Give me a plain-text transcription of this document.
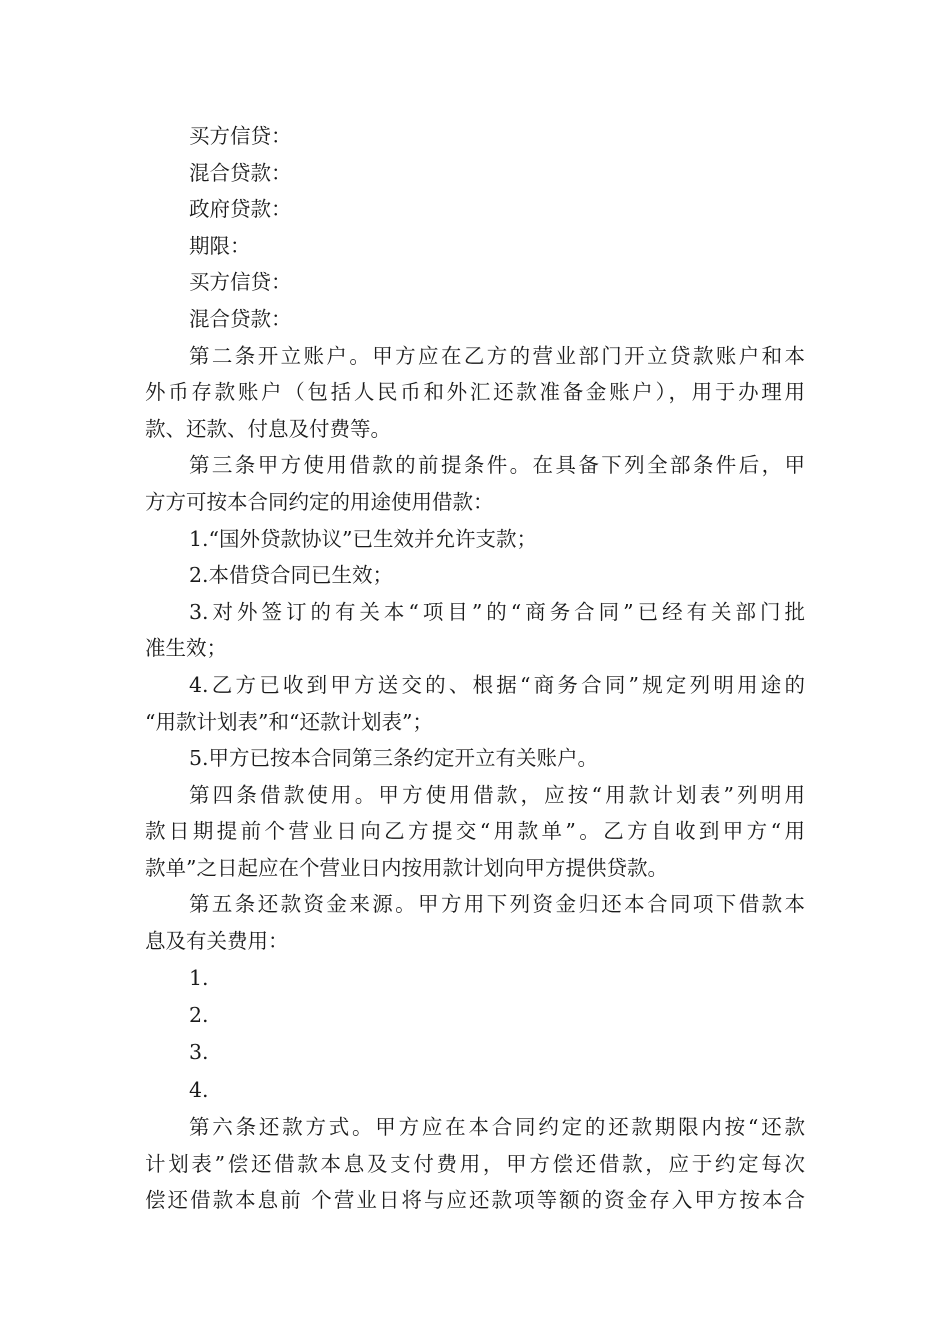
买方信贷：

混合贷款：

政府贷款：

期限：

买方信贷：

混合贷款：

第二条开立账户。甲方应在乙方的营业部门开立贷款账户和本

外币存款账户（包括人民币和外汇还款准备金账户），用于办理用

款、还款、付息及付费等。

第三条甲方使用借款的前提条件。在具备下列全部条件后，甲

方方可按本合同约定的用途使用借款：

1.“国外贷款协议”已生效并允许支款；

2.本借贷合同已生效；

3.对外签订的有关本“项目”的“商务合同”已经有关部门批

准生效；

4.乙方已收到甲方送交的、根据“商务合同”规定列明用途的

“用款计划表”和“还款计划表”；

5.甲方已按本合同第三条约定开立有关账户。

第四条借款使用。甲方使用借款，应按“用款计划表”列明用

款日期提前个营业日向乙方提交“用款单”。乙方自收到甲方“用

款单”之日起应在个营业日内按用款计划向甲方提供贷款。

第五条还款资金来源。甲方用下列资金归还本合同项下借款本

息及有关费用：

1.

2.

3.

4.

第六条还款方式。甲方应在本合同约定的还款期限内按“还款

计划表”偿还借款本息及支付费用，甲方偿还借款，应于约定每次

偿还借款本息前 个营业日将与应还款项等额的资金存入甲方按本合
